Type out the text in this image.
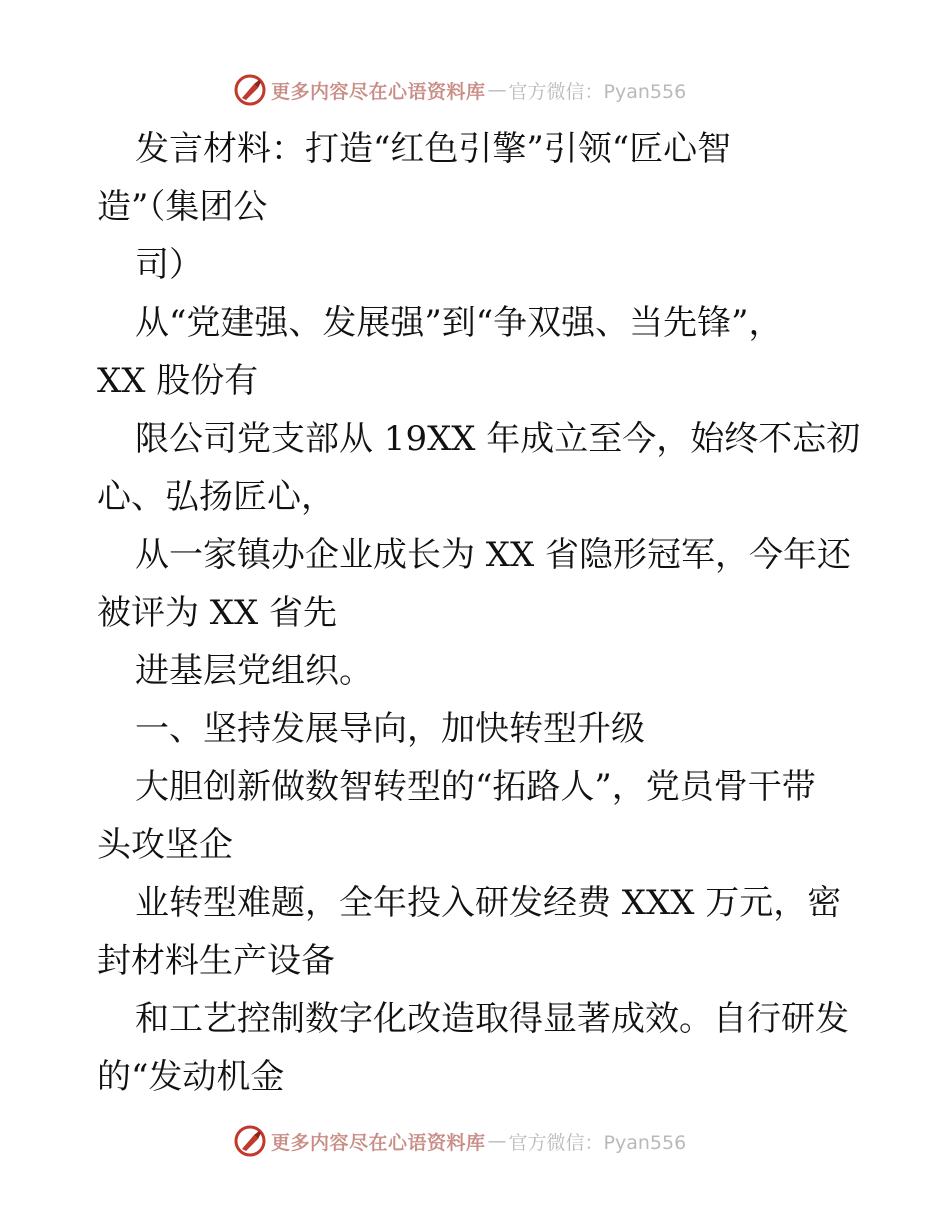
更多内容尽在心语资料库 — 官方微信：Pyan556
发言材料：打造“红色引擎”引领“匠心智
造”（集团公
司）
从“党建强、发展强”到“争双强、当先锋”，
XX 股份有
限公司党支部从 19XX 年成立至今，始终不忘初
心、弘扬匠心，
从一家镇办企业成长为 XX 省隐形冠军，今年还
被评为 XX 省先
进基层党组织。
一、坚持发展导向，加快转型升级
大胆创新做数智转型的“拓路人”，党员骨干带
头攻坚企
业转型难题，全年投入研发经费 XXX 万元，密
封材料生产设备
和工艺控制数字化改造取得显著成效。自行研发
的“发动机金
更多内容尽在心语资料库 — 官方微信：Pyan556
